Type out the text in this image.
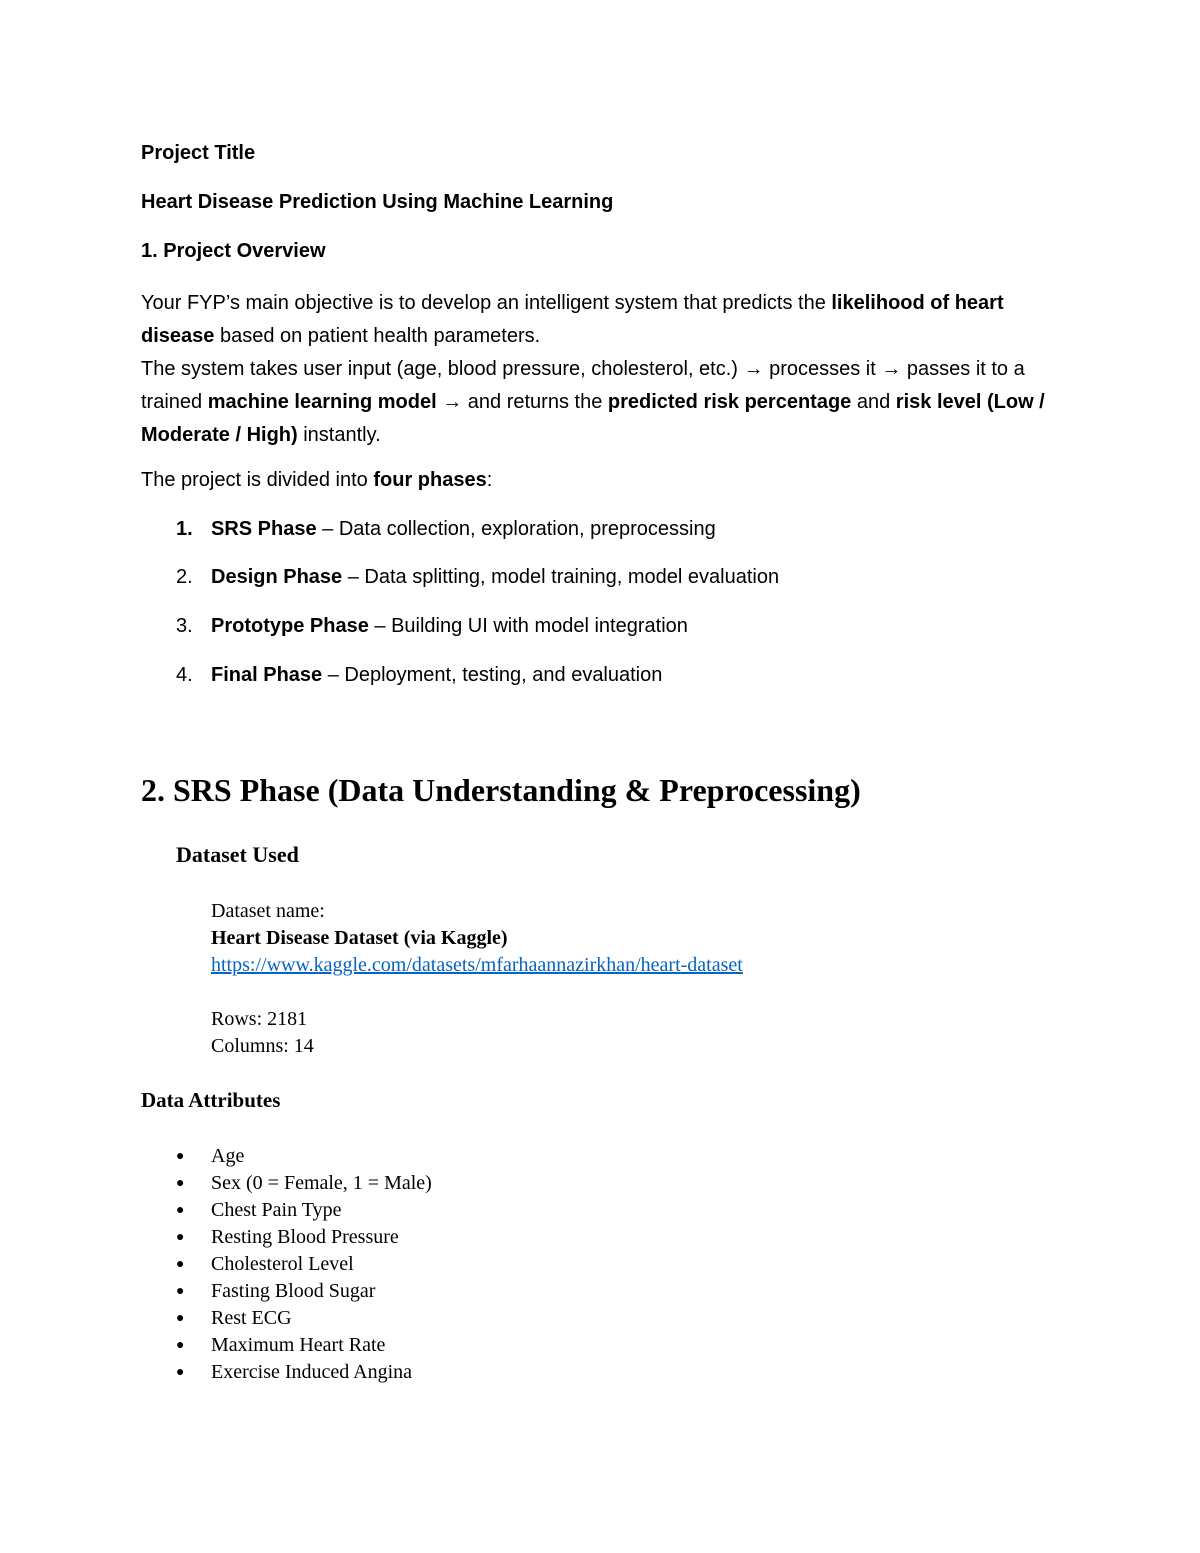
Project Title

Heart Disease Prediction Using Machine Learning

1. Project Overview

Your FYP’s main objective is to develop an intelligent system that predicts the likelihood of heart disease based on patient health parameters.

The system takes user input (age, blood pressure, cholesterol, etc.) → processes it → passes it to a trained machine learning model → and returns the predicted risk percentage and risk level (Low / Moderate / High) instantly.

The project is divided into four phases:

1. SRS Phase – Data collection, exploration, preprocessing
2. Design Phase – Data splitting, model training, model evaluation
3. Prototype Phase – Building UI with model integration
4. Final Phase – Deployment, testing, and evaluation

2. SRS Phase (Data Understanding & Preprocessing)

Dataset Used

Dataset name:
Heart Disease Dataset (via Kaggle)
https://www.kaggle.com/datasets/mfarhaannazirkhan/heart-dataset
Rows: 2181
Columns: 14

Data Attributes

● Age
● Sex (0 = Female, 1 = Male)
● Chest Pain Type
● Resting Blood Pressure
● Cholesterol Level
● Fasting Blood Sugar
● Rest ECG
● Maximum Heart Rate
● Exercise Induced Angina
